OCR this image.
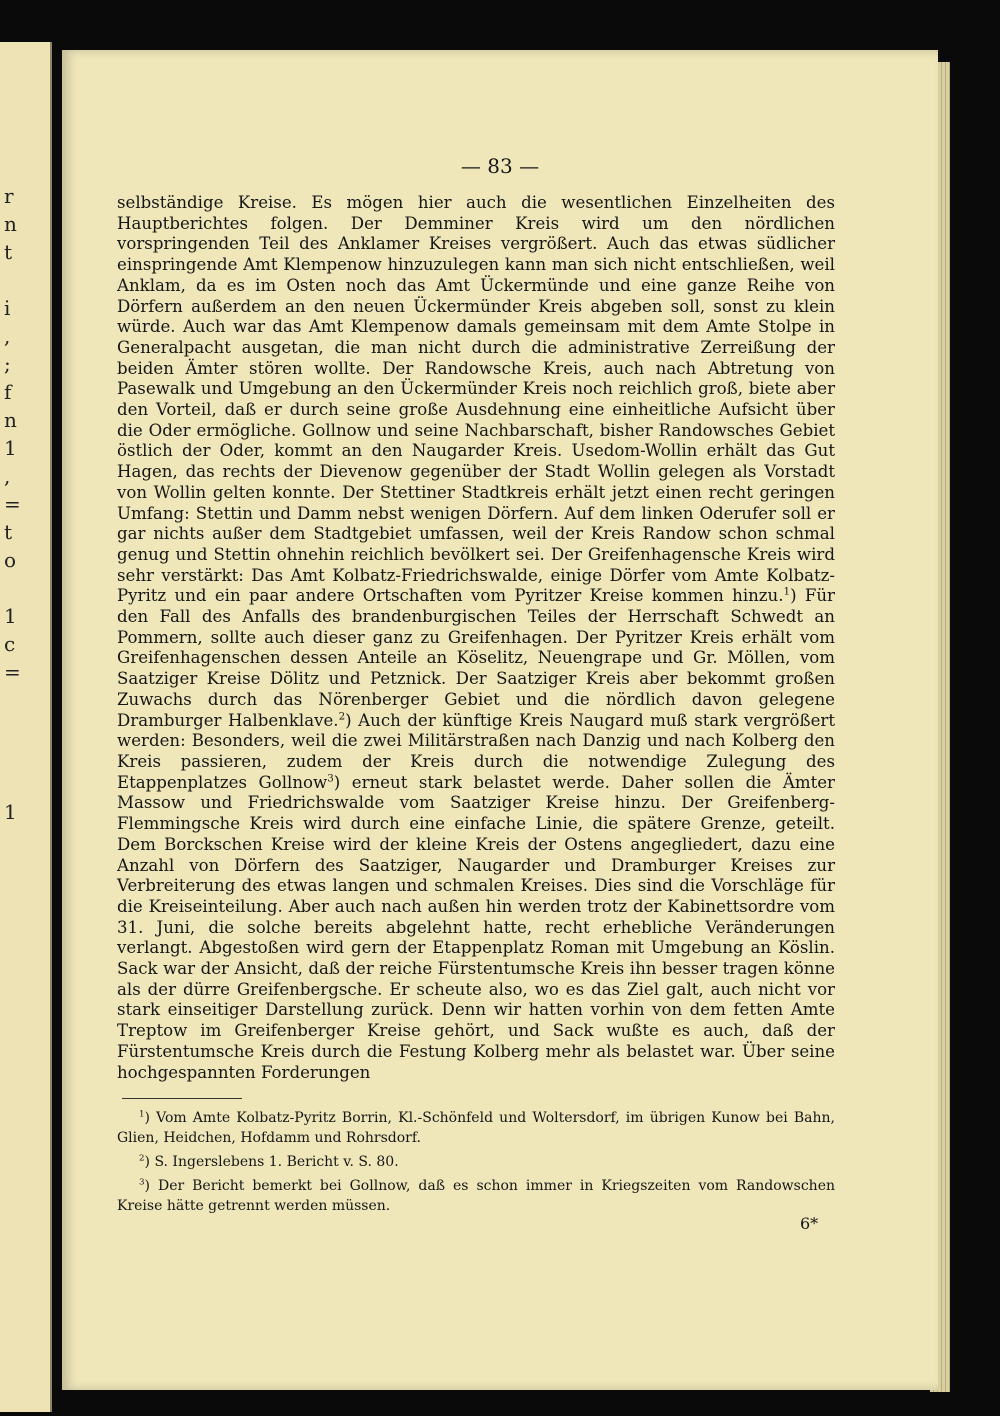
r
n
t

i
,
;
f
n
1
,
=
t
o

1
c
=

1
— 83 —

selbständige Kreise. Es mögen hier auch die wesentlichen Einzelheiten des Hauptberichtes folgen. Der Demminer Kreis wird um den nördlichen vorspringenden Teil des Anklamer Kreises vergrößert. Auch das etwas südlicher einspringende Amt Klempenow hinzuzulegen kann man sich nicht entschließen, weil Anklam, da es im Osten noch das Amt Ückermünde und eine ganze Reihe von Dörfern außerdem an den neuen Ückermünder Kreis abgeben soll, sonst zu klein würde. Auch war das Amt Klempenow damals gemeinsam mit dem Amte Stolpe in Generalpacht ausgetan, die man nicht durch die administrative Zerreißung der beiden Ämter stören wollte. Der Randowsche Kreis, auch nach Abtretung von Pasewalk und Umgebung an den Ückermünder Kreis noch reichlich groß, biete aber den Vorteil, daß er durch seine große Ausdehnung eine einheitliche Aufsicht über die Oder ermögliche. Gollnow und seine Nachbarschaft, bisher Randowsches Gebiet östlich der Oder, kommt an den Naugarder Kreis. Usedom-Wollin erhält das Gut Hagen, das rechts der Dievenow gegenüber der Stadt Wollin gelegen als Vorstadt von Wollin gelten konnte. Der Stettiner Stadtkreis erhält jetzt einen recht geringen Umfang: Stettin und Damm nebst wenigen Dörfern. Auf dem linken Oderufer soll er gar nichts außer dem Stadtgebiet umfassen, weil der Kreis Randow schon schmal genug und Stettin ohnehin reichlich bevölkert sei. Der Greifenhagensche Kreis wird sehr verstärkt: Das Amt Kolbatz-Friedrichswalde, einige Dörfer vom Amte Kolbatz-Pyritz und ein paar andere Ortschaften vom Pyritzer Kreise kommen hinzu.$^1$) Für den Fall des Anfalls des brandenburgischen Teiles der Herrschaft Schwedt an Pommern, sollte auch dieser ganz zu Greifenhagen. Der Pyritzer Kreis erhält vom Greifenhagenschen dessen Anteile an Köselitz, Neuengrape und Gr. Möllen, vom Saatziger Kreise Dölitz und Petznick. Der Saatziger Kreis aber bekommt großen Zuwachs durch das Nörenberger Gebiet und die nördlich davon gelegene Dramburger Halbenklave.$^2$) Auch der künftige Kreis Naugard muß stark vergrößert werden: Besonders, weil die zwei Militärstraßen nach Danzig und nach Kolberg den Kreis passieren, zudem der Kreis durch die notwendige Zulegung des Etappenplatzes Gollnow$^3$) erneut stark belastet werde. Daher sollen die Ämter Massow und Friedrichswalde vom Saatziger Kreise hinzu. Der Greifenberg-Flemmingsche Kreis wird durch eine einfache Linie, die spätere Grenze, geteilt. Dem Borckschen Kreise wird der kleine Kreis der Ostens angegliedert, dazu eine Anzahl von Dörfern des Saatziger, Naugarder und Dramburger Kreises zur Verbreiterung des etwas langen und schmalen Kreises. Dies sind die Vorschläge für die Kreiseinteilung. Aber auch nach außen hin werden trotz der Kabinettsordre vom 31. Juni, die solche bereits abgelehnt hatte, recht erhebliche Veränderungen verlangt. Abgestoßen wird gern der Etappenplatz Roman mit Umgebung an Köslin. Sack war der Ansicht, daß der reiche Fürstentumsche Kreis ihn besser tragen könne als der dürre Greifenbergsche. Er scheute also, wo es das Ziel galt, auch nicht vor stark einseitiger Darstellung zurück. Denn wir hatten vorhin von dem fetten Amte Treptow im Greifenberger Kreise gehört, und Sack wußte es auch, daß der Fürstentumsche Kreis durch die Festung Kolberg mehr als belastet war. Über seine hochgespannten Forderungen

$^1$) Vom Amte Kolbatz-Pyritz Borrin, Kl.-Schönfeld und Woltersdorf, im übrigen Kunow bei Bahn, Glien, Heidchen, Hofdamm und Rohrsdorf.

$^2$) S. Ingerslebens 1. Bericht v. S. 80.

$^3$) Der Bericht bemerkt bei Gollnow, daß es schon immer in Kriegszeiten vom Randowschen Kreise hätte getrennt werden müssen.

6*
